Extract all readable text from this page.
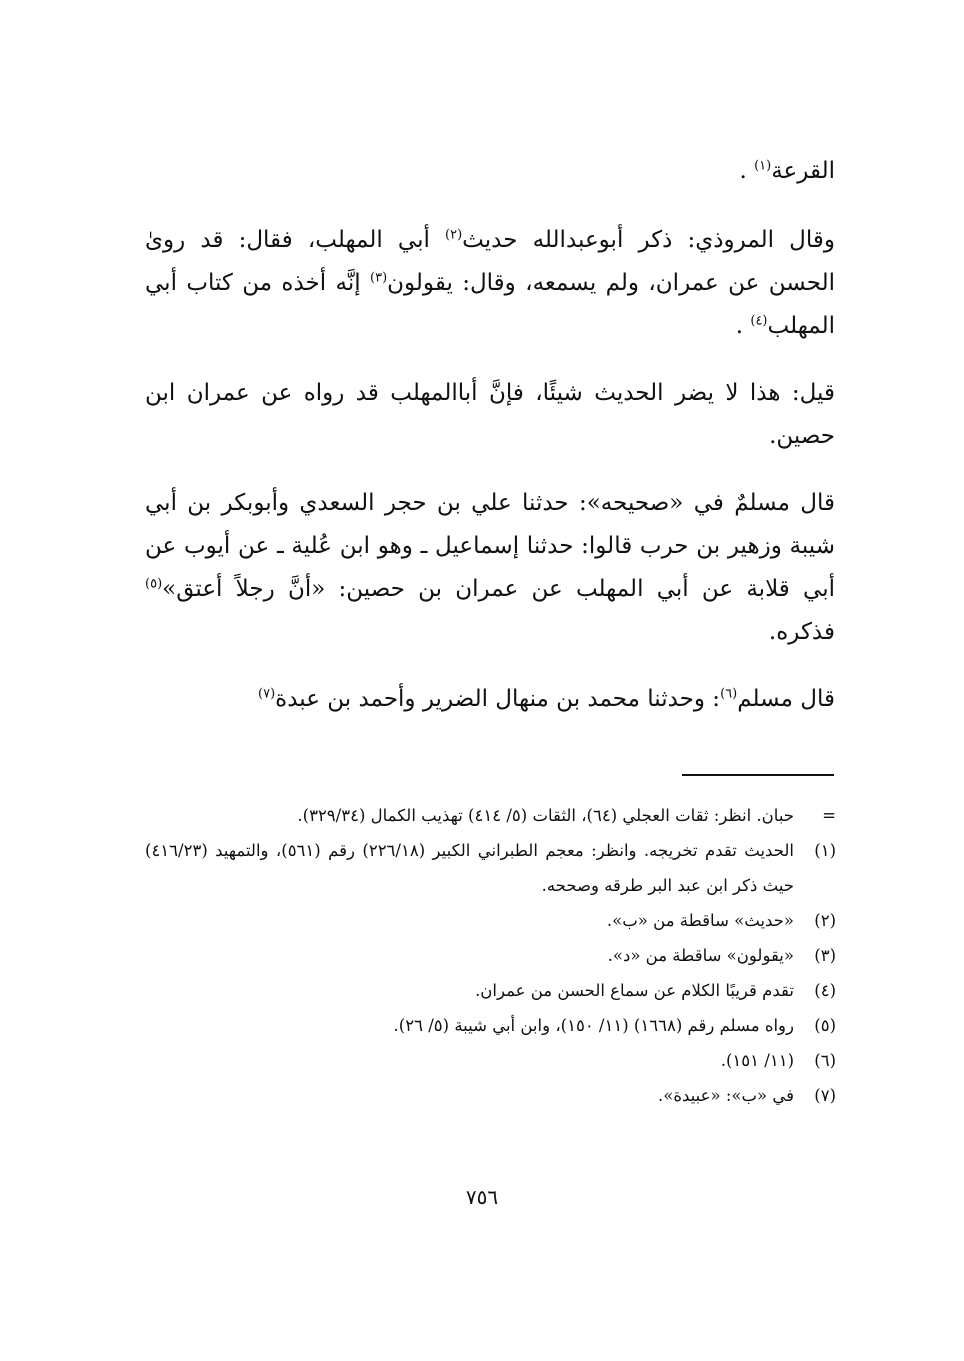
القرعة$^{(١)}$ .

وقال المروذي: ذكر أبوعبدالله حديث$^{(٢)}$ أبي المهلب، فقال: قد رویٰ الحسن عن عمران، ولم يسمعه، وقال: يقولون$^{(٣)}$ إنَّه أخذه من كتاب أبي المهلب$^{(٤)}$ .

قيل: هذا لا يضر الحديث شيئًا، فإنَّ أباالمهلب قد رواه عن عمران ابن حصين.

قال مسلمٌ في «صحيحه»: حدثنا علي بن حجر السعدي وأبوبكر بن أبي شيبة وزهير بن حرب قالوا: حدثنا إسماعيل ـ وهو ابن عُلية ـ عن أيوب عن أبي قلابة عن أبي المهلب عن عمران بن حصين: «أنَّ رجلاً أعتق»$^{(٥)}$ فذكره.

قال مسلم$^{(٦)}$: وحدثنا محمد بن منهال الضرير وأحمد بن عبدة$^{(٧)}$

=
حبان. انظر: ثقات العجلي (٦٤)، الثقات (٥/ ٤١٤) تهذيب الكمال (٣٢٩/٣٤).
(١)
الحديث تقدم تخريجه. وانظر: معجم الطبراني الكبير (٢٢٦/١٨) رقم (٥٦١)، والتمهيد (٤١٦/٢٣) حيث ذكر ابن عبد البر طرقه وصححه.
(٢)
«حديث» ساقطة من «ب».
(٣)
«يقولون» ساقطة من «د».
(٤)
تقدم قريبًا الكلام عن سماع الحسن من عمران.
(٥)
رواه مسلم رقم (١٦٦٨) (١١/ ١٥٠)، وابن أبي شيبة (٥/ ٢٦).
(٦)
(١١/ ١٥١).
(٧)
في «ب»: «عبيدة».
٧٥٦
